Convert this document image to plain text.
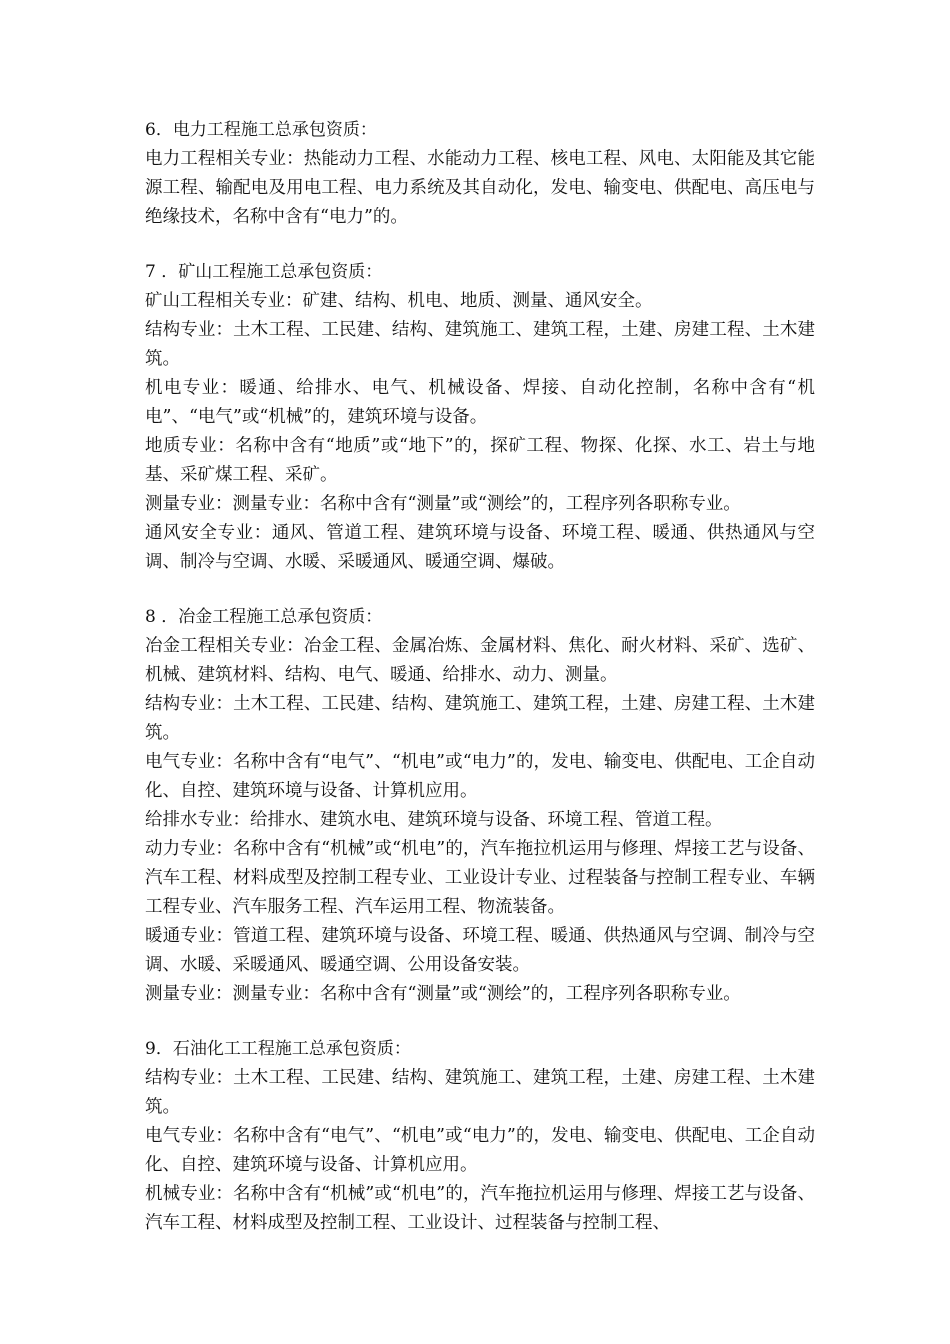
6．电力工程施工总承包资质：

电力工程相关专业：热能动力工程、水能动力工程、核电工程、风电、太阳能及其它能源工程、输配电及用电工程、电力系统及其自动化，发电、输变电、供配电、高压电与绝缘技术，名称中含有“电力”的。

7 ．矿山工程施工总承包资质：

矿山工程相关专业：矿建、结构、机电、地质、测量、通风安全。

结构专业：土木工程、工民建、结构、建筑施工、建筑工程，土建、房建工程、土木建筑。

机电专业：暖通、给排水、电气、机械设备、焊接、自动化控制，名称中含有“机电”、“电气”或“机械”的，建筑环境与设备。

地质专业：名称中含有“地质”或“地下”的，探矿工程、物探、化探、水工、岩土与地基、采矿煤工程、采矿。

测量专业：测量专业：名称中含有“测量”或“测绘”的，工程序列各职称专业。

通风安全专业：通风、管道工程、建筑环境与设备、环境工程、暖通、供热通风与空调、制冷与空调、水暖、采暖通风、暖通空调、爆破。

8 ．冶金工程施工总承包资质：

冶金工程相关专业：冶金工程、金属冶炼、金属材料、焦化、耐火材料、采矿、选矿、机械、建筑材料、结构、电气、暖通、给排水、动力、测量。

结构专业：土木工程、工民建、结构、建筑施工、建筑工程，土建、房建工程、土木建筑。

电气专业：名称中含有“电气”、“机电”或“电力”的，发电、输变电、供配电、工企自动化、自控、建筑环境与设备、计算机应用。

给排水专业：给排水、建筑水电、建筑环境与设备、环境工程、管道工程。

动力专业：名称中含有“机械”或“机电”的，汽车拖拉机运用与修理、焊接工艺与设备、汽车工程、材料成型及控制工程专业、工业设计专业、过程装备与控制工程专业、车辆工程专业、汽车服务工程、汽车运用工程、物流装备。

暖通专业：管道工程、建筑环境与设备、环境工程、暖通、供热通风与空调、制冷与空调、水暖、采暖通风、暖通空调、公用设备安装。

测量专业：测量专业：名称中含有“测量”或“测绘”的，工程序列各职称专业。

9．石油化工工程施工总承包资质：

结构专业：土木工程、工民建、结构、建筑施工、建筑工程，土建、房建工程、土木建筑。

电气专业：名称中含有“电气”、“机电”或“电力”的，发电、输变电、供配电、工企自动化、自控、建筑环境与设备、计算机应用。

机械专业：名称中含有“机械”或“机电”的，汽车拖拉机运用与修理、焊接工艺与设备、汽车工程、材料成型及控制工程、工业设计、过程装备与控制工程、
